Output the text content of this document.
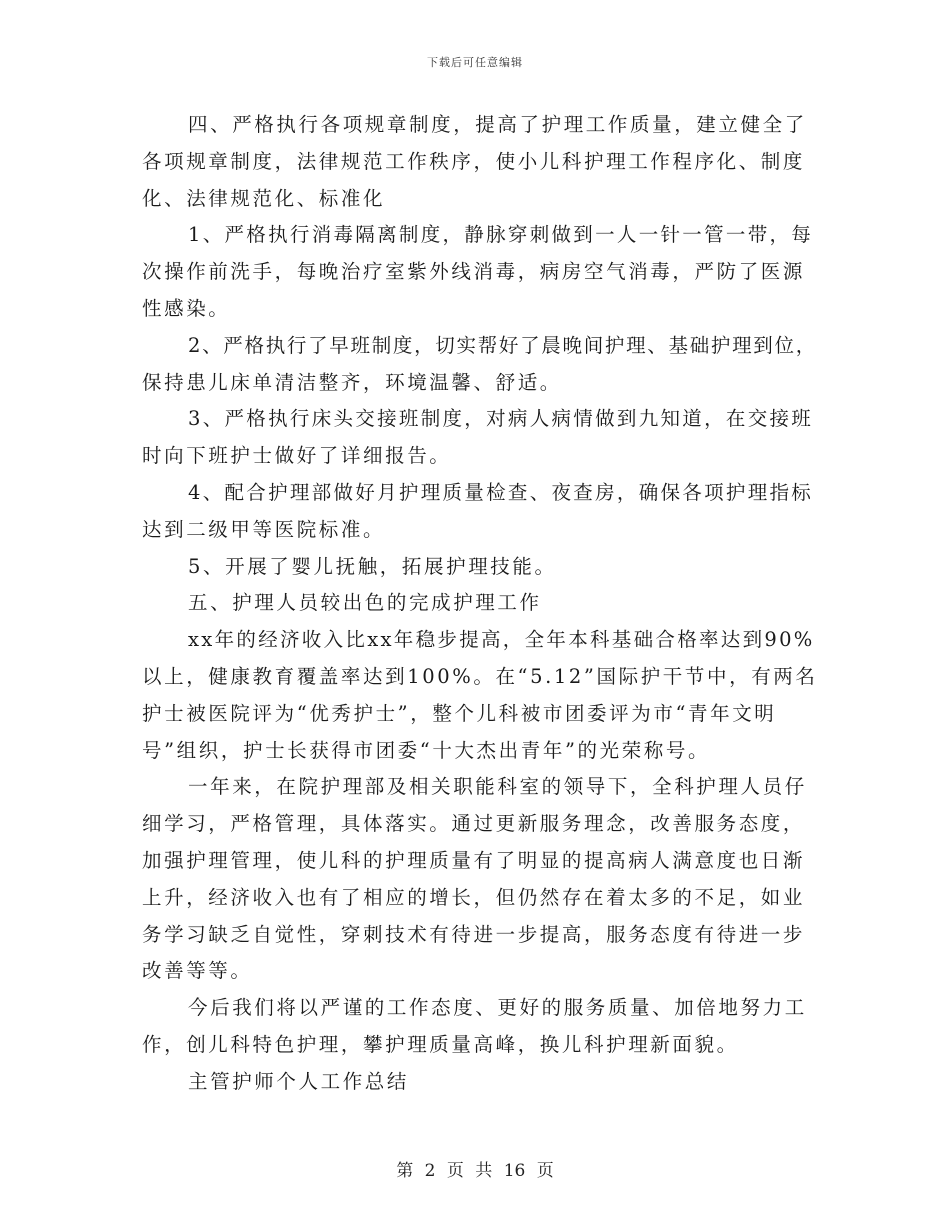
下载后可任意编辑
四、严格执行各项规章制度，提高了护理工作质量，建立健全了
各项规章制度，法律规范工作秩序，使小儿科护理工作程序化、制度
化、法律规范化、标准化
1、严格执行消毒隔离制度，静脉穿刺做到一人一针一管一带，每
次操作前洗手，每晚治疗室紫外线消毒，病房空气消毒，严防了医源
性感染。
2、严格执行了早班制度，切实帮好了晨晚间护理、基础护理到位，
保持患儿床单清洁整齐，环境温馨、舒适。
3、严格执行床头交接班制度，对病人病情做到九知道，在交接班
时向下班护士做好了详细报告。
4、配合护理部做好月护理质量检查、夜查房，确保各项护理指标
达到二级甲等医院标准。
5、开展了婴儿抚触，拓展护理技能。
五、护理人员较出色的完成护理工作
xx年的经济收入比xx年稳步提高，全年本科基础合格率达到90%
以上，健康教育覆盖率达到100%。在“5.12”国际护干节中，有两名
护士被医院评为“优秀护士”，整个儿科被市团委评为市“青年文明
号”组织，护士长获得市团委“十大杰出青年”的光荣称号。
一年来，在院护理部及相关职能科室的领导下，全科护理人员仔
细学习，严格管理，具体落实。通过更新服务理念，改善服务态度，
加强护理管理，使儿科的护理质量有了明显的提高病人满意度也日渐
上升，经济收入也有了相应的增长，但仍然存在着太多的不足，如业
务学习缺乏自觉性，穿刺技术有待进一步提高，服务态度有待进一步
改善等等。
今后我们将以严谨的工作态度、更好的服务质量、加倍地努力工
作，创儿科特色护理，攀护理质量高峰，换儿科护理新面貌。
主管护师个人工作总结
第 2 页 共 16 页
